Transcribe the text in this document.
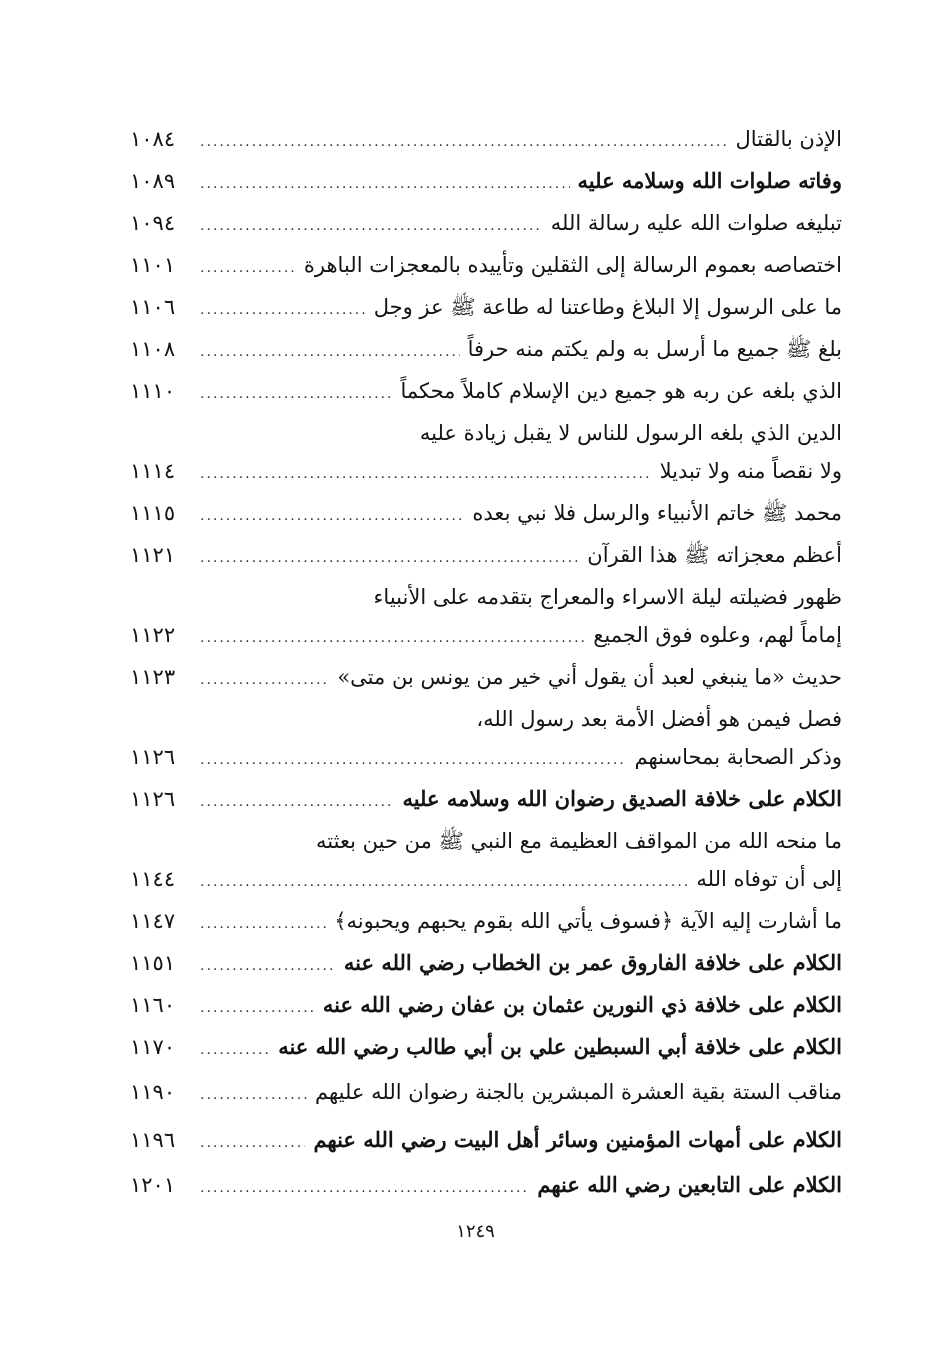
الإذن بالقتال
.....
١٠٨٤
وفاته صلوات الله وسلامه عليه
.....
١٠٨٩
تبليغه صلوات الله عليه رسالة الله
.....
١٠٩٤
اختصاصه بعموم الرسالة إلى الثقلين وتأييده بالمعجزات الباهرة
.....
١١٠١
ما على الرسول إلا البلاغ وطاعتنا له طاعة ﷺ عز وجل
.....
١١٠٦
بلغ ﷺ جميع ما أرسل به ولم يكتم منه حرفاً
.....
١١٠٨
الذي بلغه عن ربه هو جميع دين الإسلام كاملاً محكماً
.....
١١١٠
الدين الذي بلغه الرسول للناس لا يقبل زيادة عليه
ولا نقصاً منه ولا تبديلا
.....
١١١٤
محمد ﷺ خاتم الأنبياء والرسل فلا نبي بعده
.....
١١١٥
أعظم معجزاته ﷺ هذا القرآن
.....
١١٢١
ظهور فضيلته ليلة الاسراء والمعراج بتقدمه على الأنبياء
إماماً لهم، وعلوه فوق الجميع
.....
١١٢٢
حديث «ما ينبغي لعبد أن يقول أني خير من يونس بن متى»
.....
١١٢٣
فصل فيمن هو أفضل الأمة بعد رسول الله،
وذكر الصحابة بمحاسنهم
.....
١١٢٦
الكلام على خلافة الصديق رضوان الله وسلامه عليه
.....
١١٢٦
ما منحه الله من المواقف العظيمة مع النبي ﷺ من حين بعثته
إلى أن توفاه الله
.....
١١٤٤
ما أشارت إليه الآية ﴿فسوف يأتي الله بقوم يحبهم ويحبونه﴾
.....
١١٤٧
الكلام على خلافة الفاروق عمر بن الخطاب رضي الله عنه
.....
١١٥١
الكلام على خلافة ذي النورين عثمان بن عفان رضي الله عنه
.....
١١٦٠
الكلام على خلافة أبي السبطين علي بن أبي طالب رضي الله عنه
.....
١١٧٠
مناقب الستة بقية العشرة المبشرين بالجنة رضوان الله عليهم
.....
١١٩٠
الكلام على أمهات المؤمنين وسائر أهل البيت رضي الله عنهم
.....
١١٩٦
الكلام على التابعين رضي الله عنهم
.....
١٢٠١
١٢٤٩
